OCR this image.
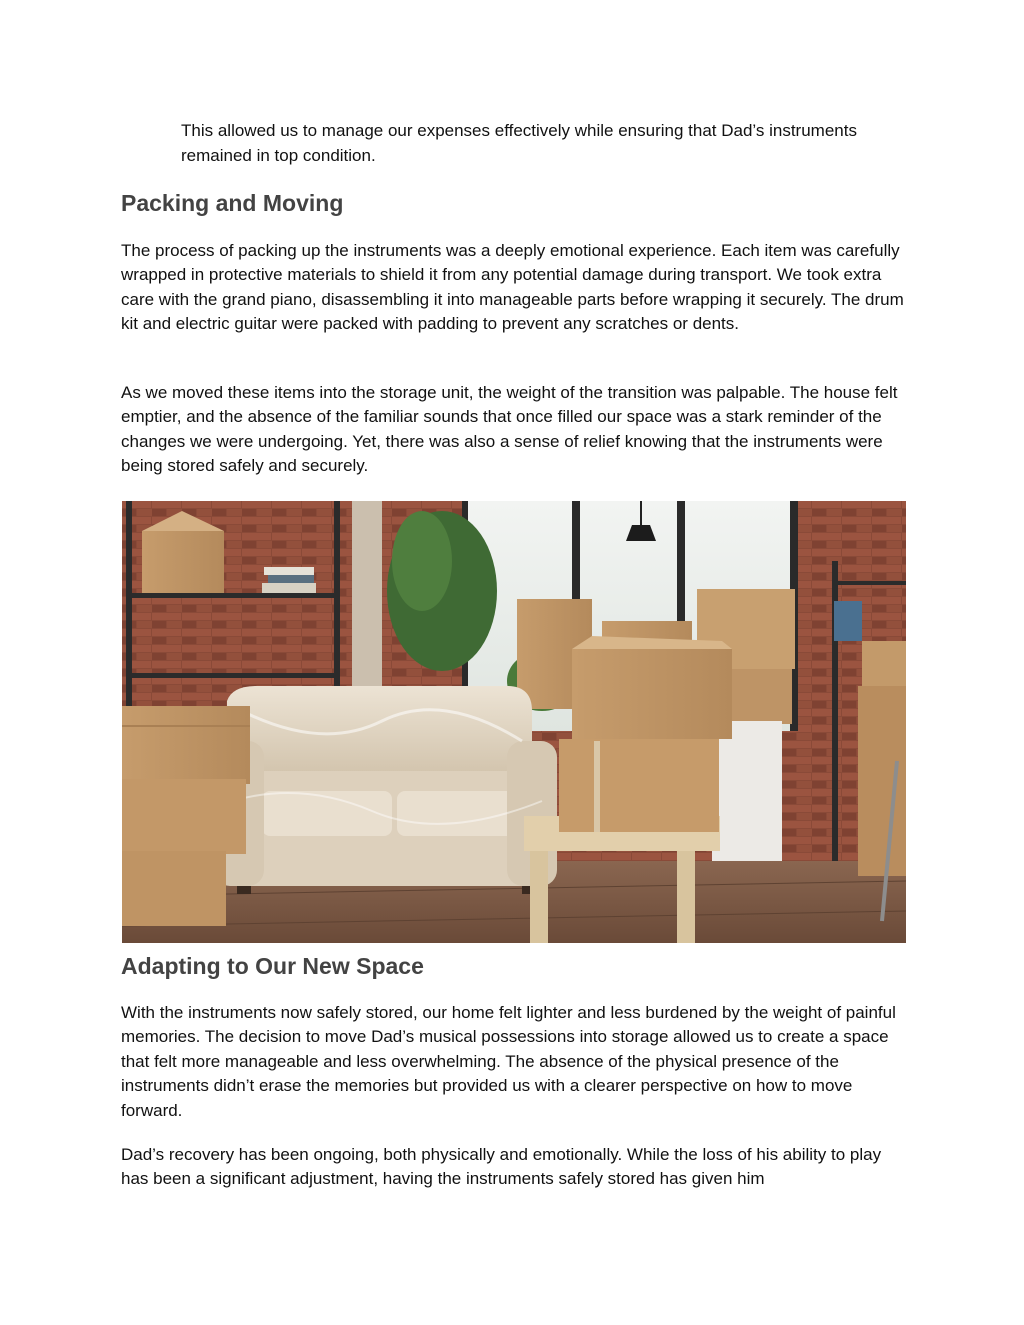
This allowed us to manage our expenses effectively while ensuring that Dad’s instruments remained in top condition.

Packing and Moving

The process of packing up the instruments was a deeply emotional experience. Each item was carefully wrapped in protective materials to shield it from any potential damage during transport. We took extra care with the grand piano, disassembling it into manageable parts before wrapping it securely. The drum kit and electric guitar were packed with padding to prevent any scratches or dents.

As we moved these items into the storage unit, the weight of the transition was palpable. The house felt emptier, and the absence of the familiar sounds that once filled our space was a stark reminder of the changes we were undergoing. Yet, there was also a sense of relief knowing that the instruments were being stored safely and securely.

Adapting to Our New Space

With the instruments now safely stored, our home felt lighter and less burdened by the weight of painful memories. The decision to move Dad’s musical possessions into storage allowed us to create a space that felt more manageable and less overwhelming. The absence of the physical presence of the instruments didn’t erase the memories but provided us with a clearer perspective on how to move forward.

Dad’s recovery has been ongoing, both physically and emotionally. While the loss of his ability to play has been a significant adjustment, having the instruments safely stored has given him
